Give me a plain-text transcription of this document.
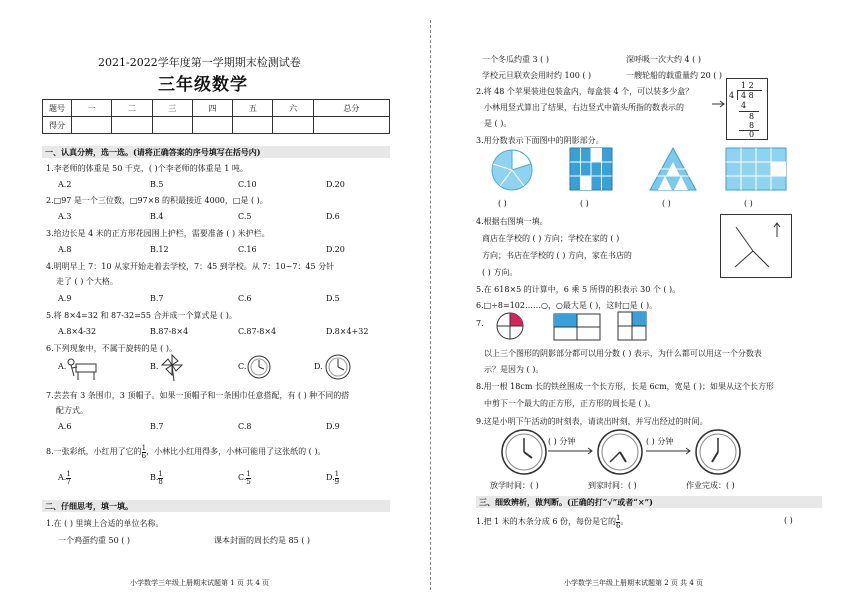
2021-2022学年度第一学期期末检测试卷
三年级数学
题号	一	二	三	四	五	六	总分
得分							
一、认真分辨，选一选。(请将正确答案的序号填写在括号内)
1.李老师的体重是 50 千克，( )个李老师的体重是 1 吨。
A.2	B.5	C.10	D.20
2.□97 是一个三位数，□97×8 的积最接近 4000，□是 ( )。
A.3	B.4	C.5	D.6
3.给边长是 4 米的正方形花园围上护栏，需要准备 ( ) 米护栏。
A.8	B.12	C.16	D.20
4.明明早上 7：10 从家开始走着去学校，7：45 到学校。从 7：10~7：45 分针
走了 ( ) 个大格。
A.9	B.7	C.6	D.5
5.将 8×4=32 和 87-32=55 合并成一个算式是 ( )。
A.8×4-32	B.87-8×4	C.87-8×4	D.8×4+32
6.下列现象中，不属于旋转的是 ( )。
A.	B.	C.	D.
7.芸芸有 3 条围巾，3 顶帽子。如果一顶帽子和一条围巾任意搭配，有 ( ) 种不同的搭
配方式。
A.6	B.7	C.8	D.9
8.一张彩纸，小红用了它的 $\frac{1}{6}$ ，小林比小红用得多，小林可能用了这张纸的 ( )。
A. $\frac{1}{7}$	B. $\frac{1}{8}$	C. $\frac{1}{5}$	D. $\frac{1}{9}$
二、仔细思考，填一填。
1.在 ( ) 里填上合适的单位名称。
一个鸡蛋约重 50 ( )	课本封面的周长约是 85 ( )
小学数学三年级上册期末试题第 1 页 共 4 页
一个冬瓜约重 3 ( )	深呼吸一次大约 4 ( )
学校元旦联欢会用时约 100 ( )	一艘轮船的载重量约 20 ( )
2.将 48 个苹果装进包装盒内，每盒装 4 个，可以装多少盒？
小林用竖式算出了结果，右边竖式中箭头所指的数表示的
是 ( )。
1 2
4 4 8
4
8
8
0
3.用分数表示下面图中的阴影部分。
( )	( )	( )	( )
4.根据右图填一填。
商店在学校的 ( ) 方向；学校在家的 ( )
方向；书店在学校的 ( ) 方向，家在书店的
( ) 方向。
5.在 618×5 的计算中，6 乘 5 所得的积表示 30 个 ( )。
6.□÷8=102……○，○最大是 ( )，这时□是 ( )。
7.
以上三个图形的阴影部分都可以用分数 ( ) 表示，为什么都可以用这一个分数表
示？是因为 ( )。
8.用一根 18cm 长的铁丝围成一个长方形，长是 6cm，宽是 ( )；如果从这个长方形
中剪下一个最大的正方形，正方形的周长是 ( )。
9.这是小明下午活动的时刻表，请读出时刻，并写出经过的时间。
( ) 分钟	( ) 分钟
放学时间：( )	到家时间：( )	作业完成：( )
三、细致辨析，做判断。(正确的打“√”或者“×”)
1.把 1 米的木条分成 6 份，每份是它的 $\frac{1}{6}$ 。	( )
小学数学三年级上册期末试题第 2 页 共 4 页
